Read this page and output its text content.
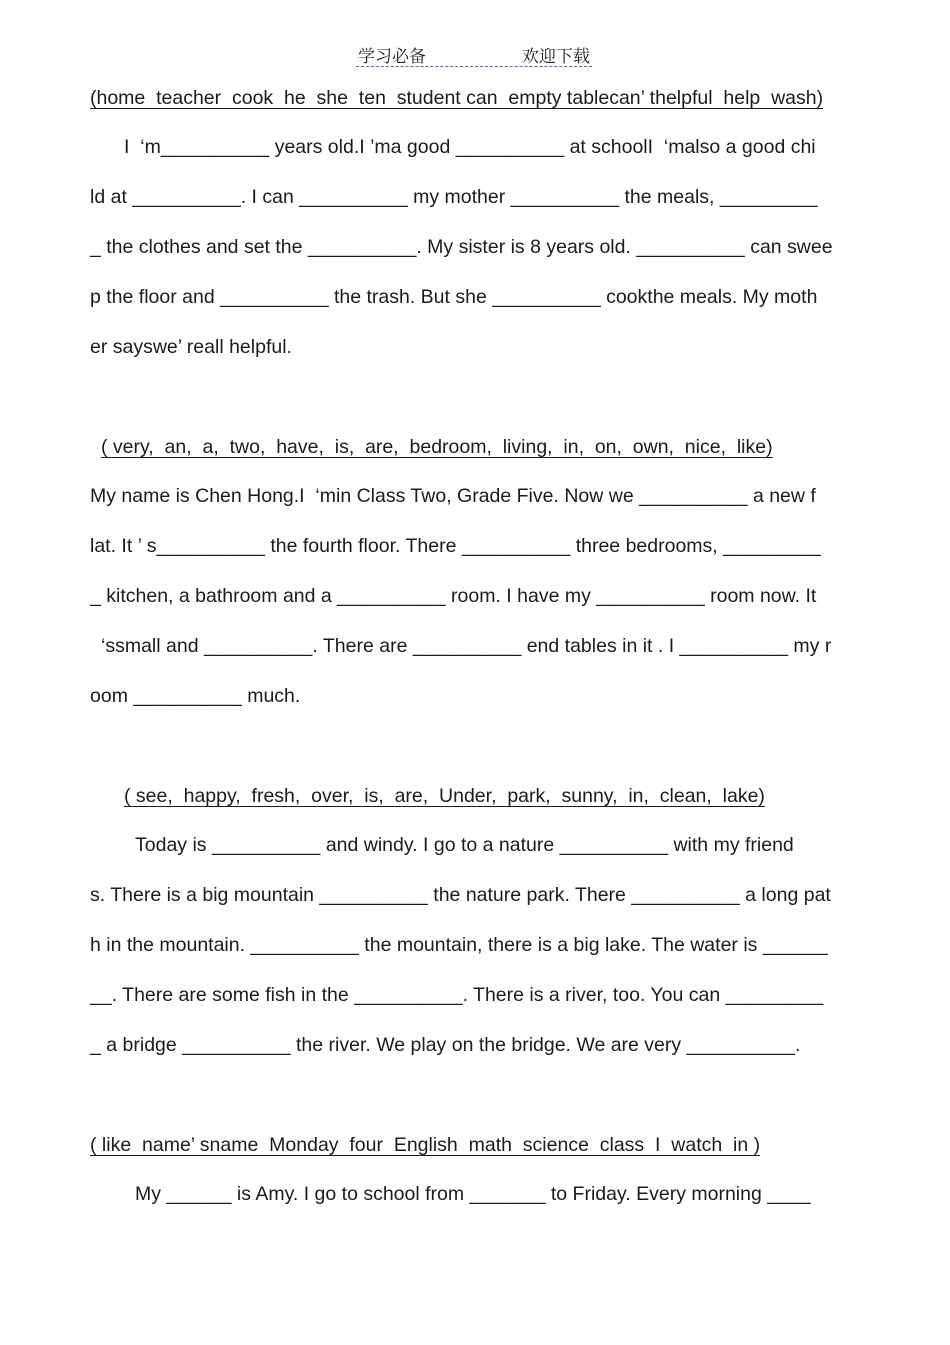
学习必备	欢迎下载
(home  teacher  cook  he  she  ten  student can  empty tablecan’ thelpful  help  wash)
I  ‘m__________ years old.I ’ma good __________ at schoolI  ‘malso a good chi
ld at __________. I can __________ my mother __________ the meals, _________
_ the clothes and set the __________. My sister is 8 years old. __________ can swee
p the floor and __________ the trash. But she __________ cookthe meals. My moth
er sayswe’ reall helpful.
( very,  an,  a,  two,  have,  is,  are,  bedroom,  living,  in,  on,  own,  nice,  like)
My name is Chen Hong.I  ‘min Class Two, Grade Five. Now we __________ a new f
lat. It ’ s__________ the fourth floor. There __________ three bedrooms, _________
_ kitchen, a bathroom and a __________ room. I have my __________ room now. It
‘ssmall and __________. There are __________ end tables in it . I __________ my r
oom __________ much.
( see,  happy,  fresh,  over,  is,  are,  Under,  park,  sunny,  in,  clean,  lake)
Today is __________ and windy. I go to a nature __________ with my friend
s. There is a big mountain __________ the nature park. There __________ a long pat
h in the mountain. __________ the mountain, there is a big lake. The water is ______
__. There are some fish in the __________. There is a river, too. You can _________
_ a bridge __________ the river. We play on the bridge. We are very __________.
( like  name’ sname  Monday  four  English  math  science  class  I  watch  in )
My ______ is Amy. I go to school from _______ to Friday. Every morning ____
